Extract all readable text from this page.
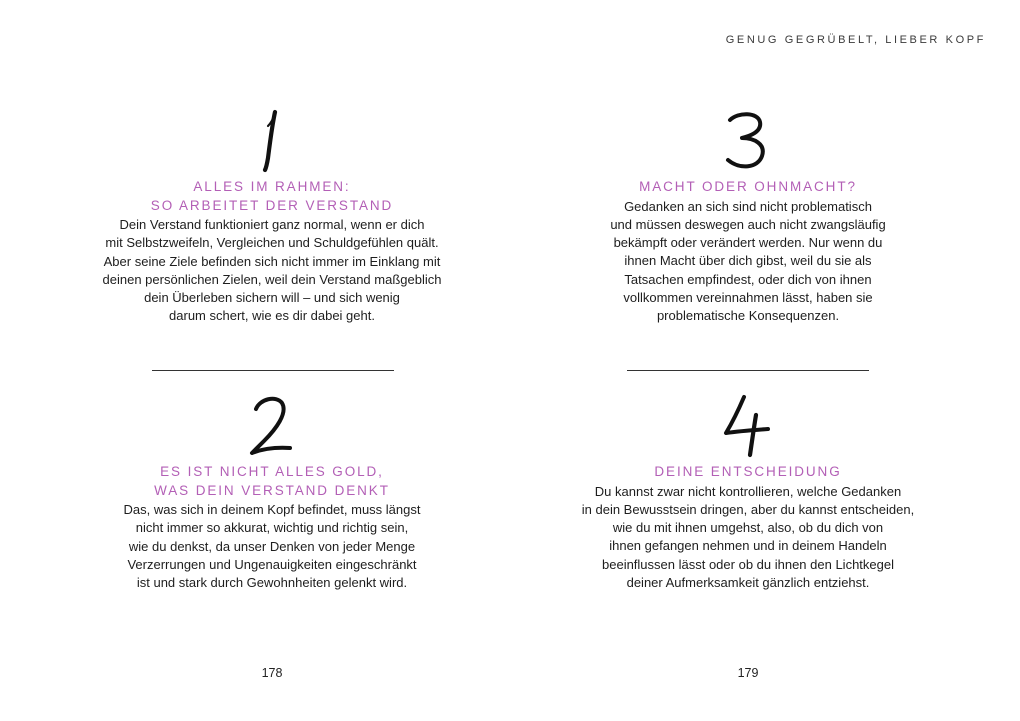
GENUG GEGRÜBELT, LIEBER KOPF
ALLES IM RAHMEN:
SO ARBEITET DER VERSTAND
Dein Verstand funktioniert ganz normal, wenn er dich
mit Selbstzweifeln, Vergleichen und Schuldgefühlen quält.
Aber seine Ziele befinden sich nicht immer im Einklang mit
deinen persönlichen Zielen, weil dein Verstand maßgeblich
dein Überleben sichern will – und sich wenig
darum schert, wie es dir dabei geht.
ES IST NICHT ALLES GOLD,
WAS DEIN VERSTAND DENKT
Das, was sich in deinem Kopf befindet, muss längst
nicht immer so akkurat, wichtig und richtig sein,
wie du denkst, da unser Denken von jeder Menge
Verzerrungen und Ungenauigkeiten eingeschränkt
ist und stark durch Gewohnheiten gelenkt wird.
MACHT ODER OHNMACHT?
Gedanken an sich sind nicht problematisch
und müssen deswegen auch nicht zwangsläufig
bekämpft oder verändert werden. Nur wenn du
ihnen Macht über dich gibst, weil du sie als
Tatsachen empfindest, oder dich von ihnen
vollkommen vereinnahmen lässt, haben sie
problematische Konsequenzen.
DEINE ENTSCHEIDUNG
Du kannst zwar nicht kontrollieren, welche Gedanken
in dein Bewusstsein dringen, aber du kannst entscheiden,
wie du mit ihnen umgehst, also, ob du dich von
ihnen gefangen nehmen und in deinem Handeln
beeinflussen lässt oder ob du ihnen den Lichtkegel
deiner Aufmerksamkeit gänzlich entziehst.
178	179
